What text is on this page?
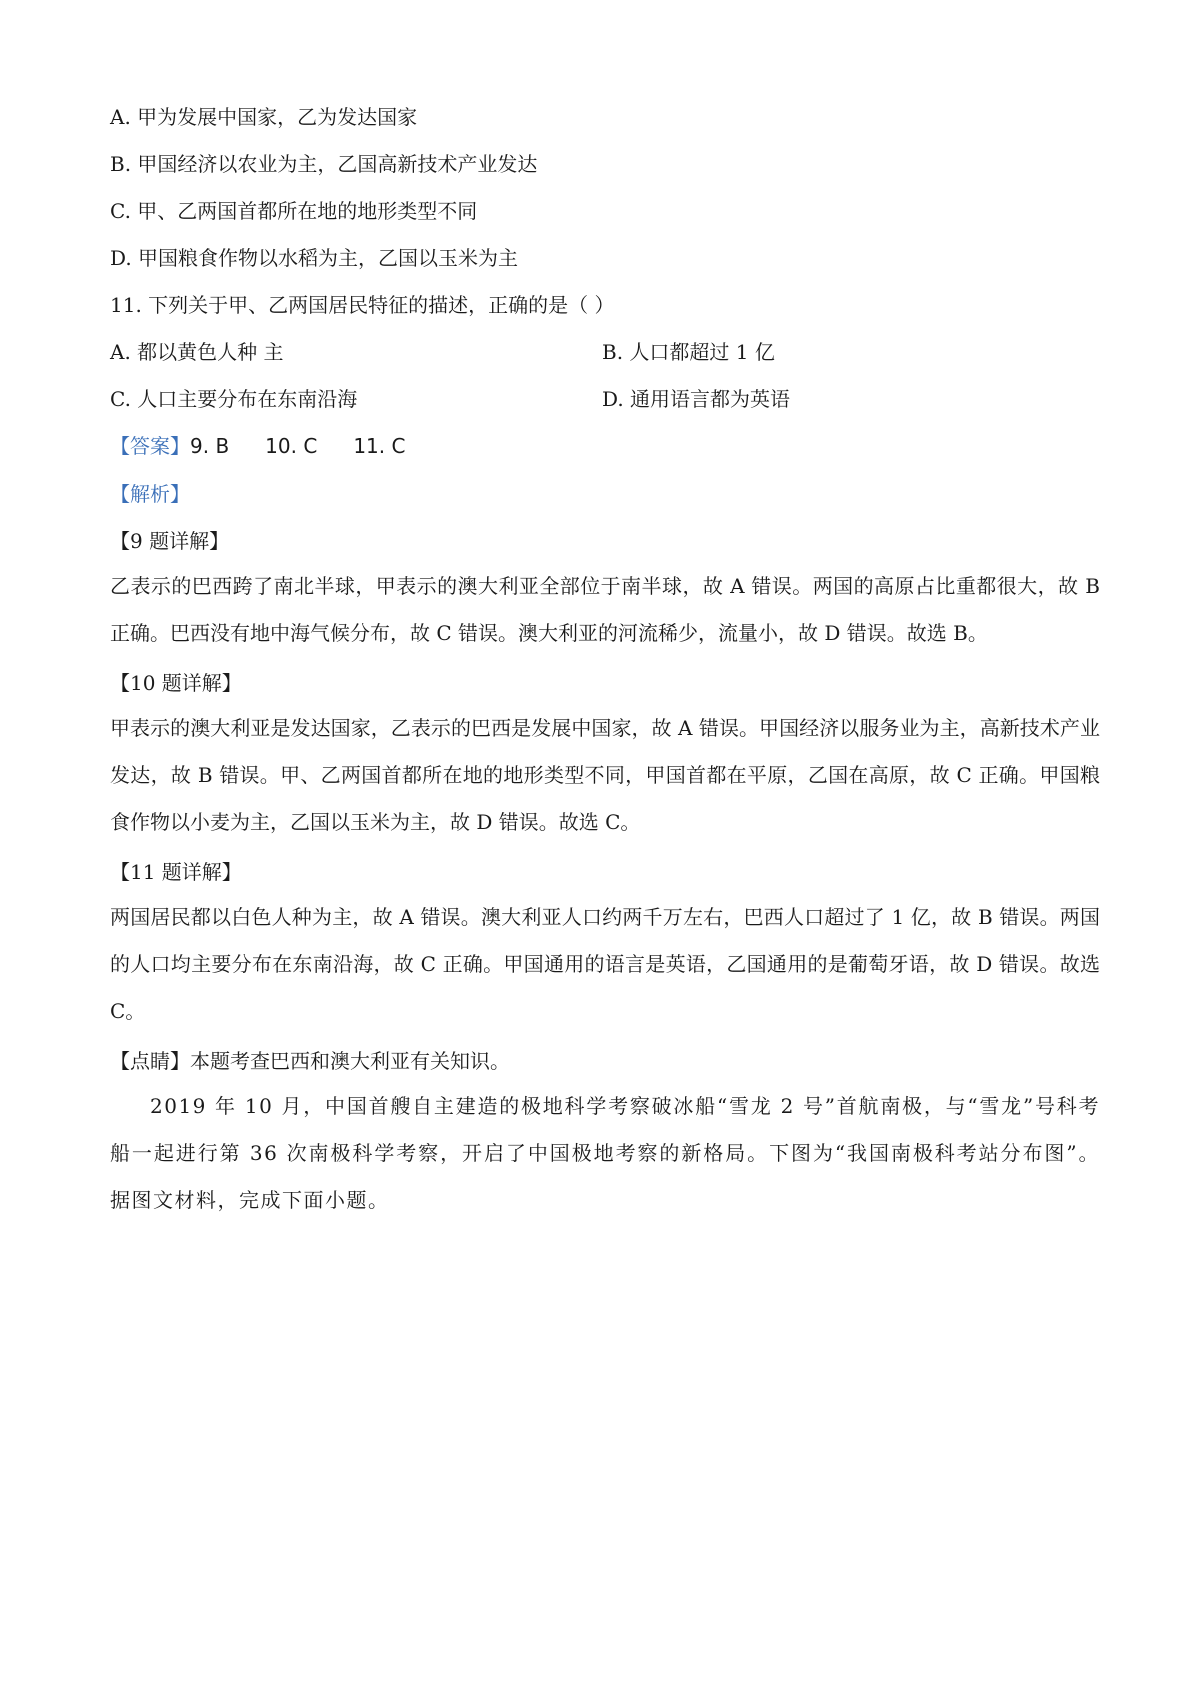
A. 甲为发展中国家，乙为发达国家
B. 甲国经济以农业为主，乙国高新技术产业发达
C. 甲、乙两国首都所在地的地形类型不同
D. 甲国粮食作物以水稻为主，乙国以玉米为主
11. 下列关于甲、乙两国居民特征的描述，正确的是（ ）
A. 都以黄色人种 主	B. 人口都超过 1 亿
C. 人口主要分布在东南沿海	D. 通用语言都为英语
【答案】9. B 10. C 11. C
【解析】
【9 题详解】
乙表示的巴西跨了南北半球，甲表示的澳大利亚全部位于南半球，故 A 错误。两国的高原占比重都很大，故 B 正确。巴西没有地中海气候分布，故 C 错误。澳大利亚的河流稀少，流量小，故 D 错误。故选 B。
【10 题详解】
甲表示的澳大利亚是发达国家，乙表示的巴西是发展中国家，故 A 错误。甲国经济以服务业为主，高新技术产业发达，故 B 错误。甲、乙两国首都所在地的地形类型不同，甲国首都在平原，乙国在高原，故 C 正确。甲国粮食作物以小麦为主，乙国以玉米为主，故 D 错误。故选 C。
【11 题详解】
两国居民都以白色人种为主，故 A 错误。澳大利亚人口约两千万左右，巴西人口超过了 1 亿，故 B 错误。两国的人口均主要分布在东南沿海，故 C 正确。甲国通用的语言是英语，乙国通用的是葡萄牙语，故 D 错误。故选 C。
【点睛】本题考查巴西和澳大利亚有关知识。
2019 年 10 月，中国首艘自主建造的极地科学考察破冰船“雪龙 2 号”首航南极，与“雪龙”号科考船一起进行第 36 次南极科学考察，开启了中国极地考察的新格局。下图为“我国南极科考站分布图”。据图文材料，完成下面小题。
